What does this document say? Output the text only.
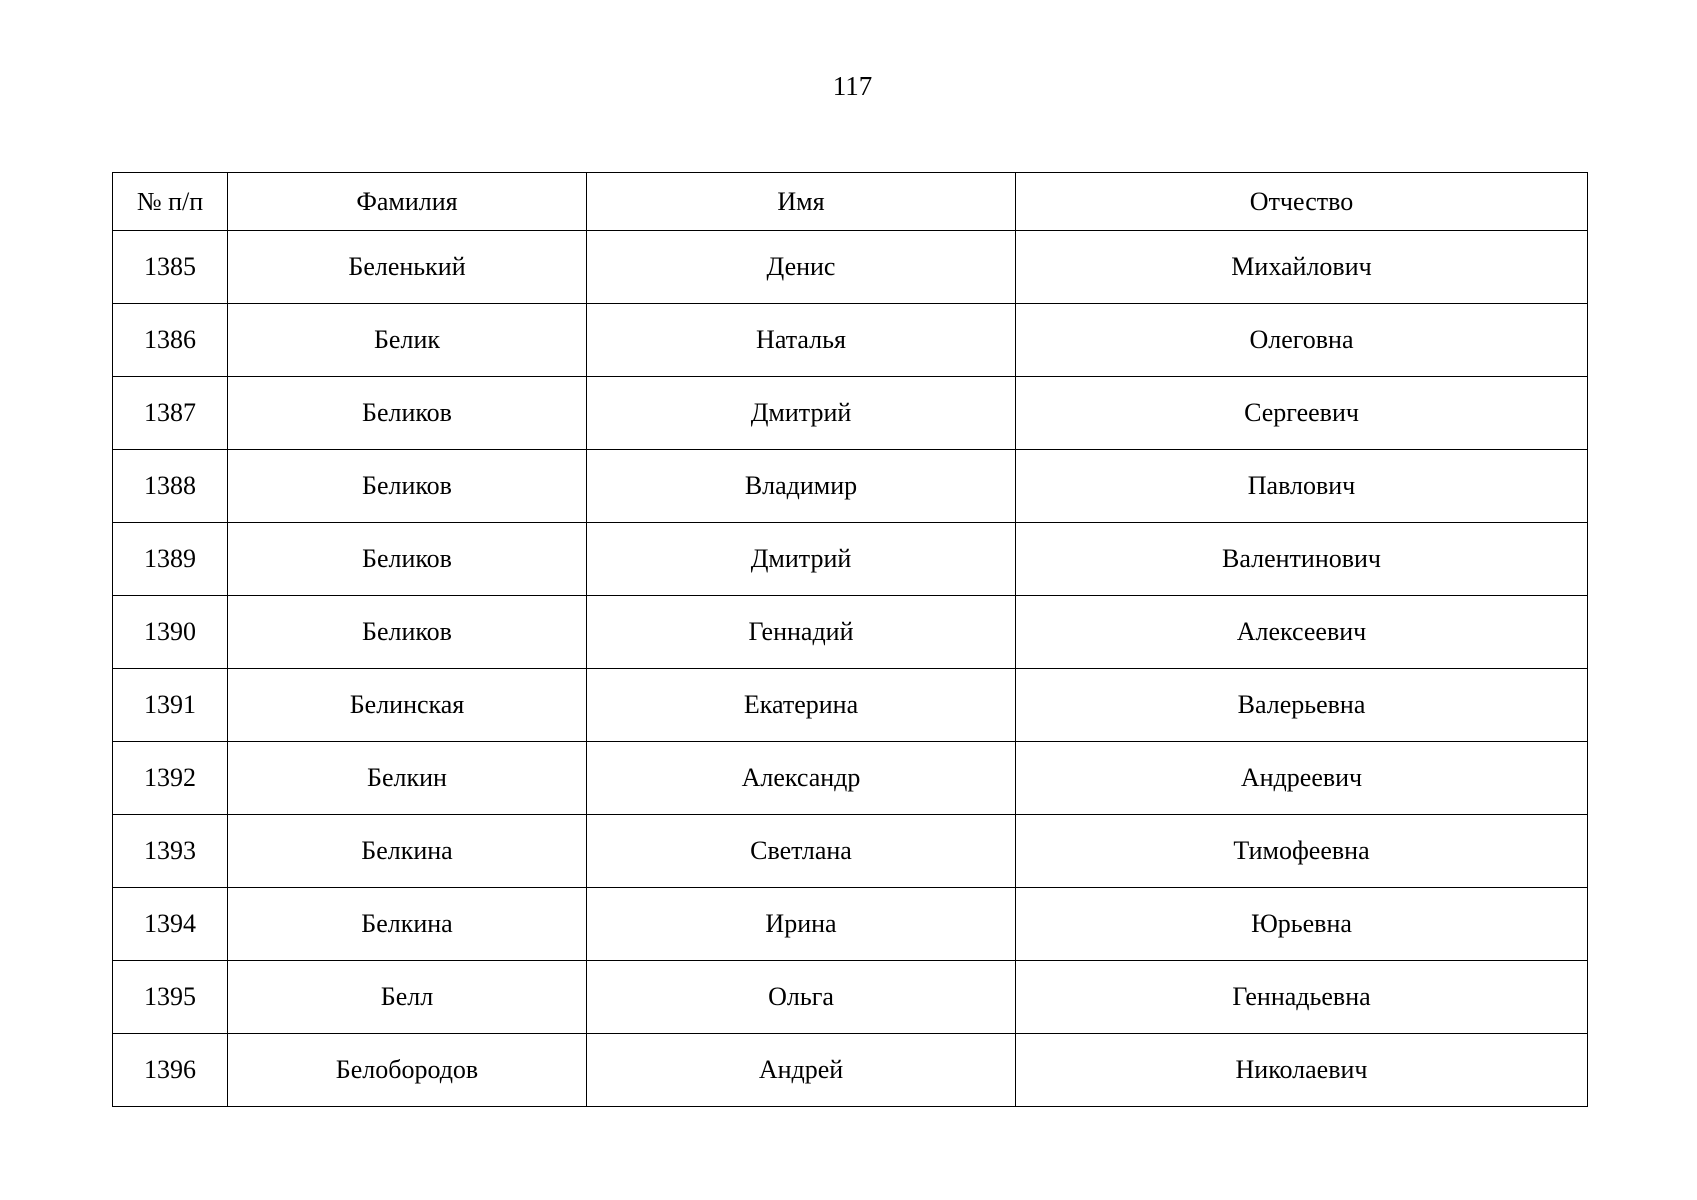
117
№ п/п	Фамилия	Имя	Отчество
1385	Беленький	Денис	Михайлович
1386	Белик	Наталья	Олеговна
1387	Беликов	Дмитрий	Сергеевич
1388	Беликов	Владимир	Павлович
1389	Беликов	Дмитрий	Валентинович
1390	Беликов	Геннадий	Алексеевич
1391	Белинская	Екатерина	Валерьевна
1392	Белкин	Александр	Андреевич
1393	Белкина	Светлана	Тимофеевна
1394	Белкина	Ирина	Юрьевна
1395	Белл	Ольга	Геннадьевна
1396	Белобородов	Андрей	Николаевич
